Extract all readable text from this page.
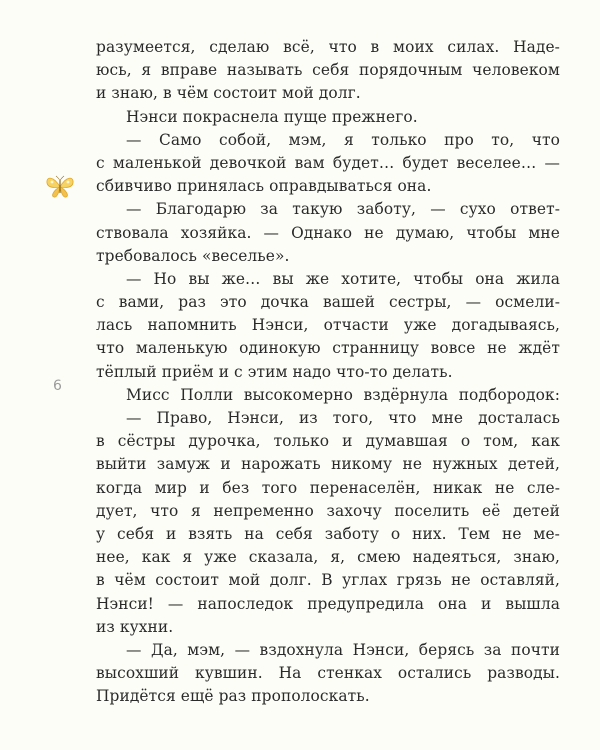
6
разумеется, сделаю всё, что в моих силах. Наде-
юсь, я вправе называть себя порядочным человеком
и знаю, в чём состоит мой долг.
Нэнси покраснела пуще прежнего.
— Само собой, мэм, я только про то, что
с маленькой девочкой вам будет… будет веселее… —
сбивчиво принялась оправдываться она.
— Благодарю за такую заботу, — сухо ответ-
ствовала хозяйка. — Однако не думаю, чтобы мне
требовалось «веселье».
— Но вы же… вы же хотите, чтобы она жила
с вами, раз это дочка вашей сестры, — осмели-
лась напомнить Нэнси, отчасти уже догадываясь,
что маленькую одинокую странницу вовсе не ждёт
тёплый приём и с этим надо что-то делать.
Мисс Полли высокомерно вздёрнула подбородок:
— Право, Нэнси, из того, что мне досталась
в сёстры дурочка, только и думавшая о том, как
выйти замуж и нарожать никому не нужных детей,
когда мир и без того перенаселён, никак не сле-
дует, что я непременно захочу поселить её детей
у себя и взять на себя заботу о них. Тем не ме-
нее, как я уже сказала, я, смею надеяться, знаю,
в чём состоит мой долг. В углах грязь не оставляй,
Нэнси! — напоследок предупредила она и вышла
из кухни.
— Да, мэм, — вздохнула Нэнси, берясь за почти
высохший кувшин. На стенках остались разводы.
Придётся ещё раз прополоскать.
